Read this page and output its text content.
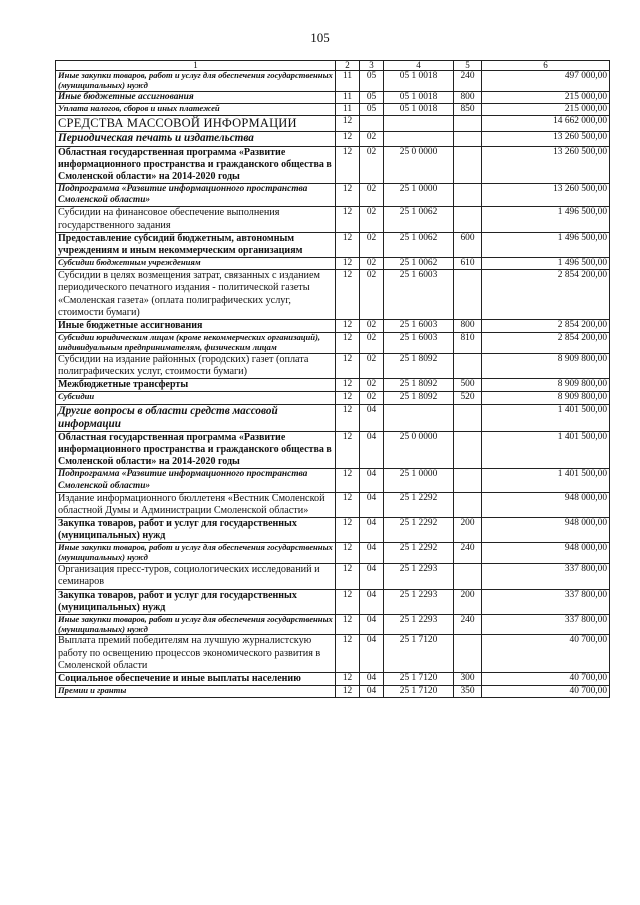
105
1	2	3	4	5	6
Иные закупки товаров, работ и услуг для обеспечения государственных (муниципальных) нужд	11	05	05 1 0018	240	497 000,00
Иные бюджетные ассигнования	11	05	05 1 0018	800	215 000,00
Уплата налогов, сборов и иных платежей	11	05	05 1 0018	850	215 000,00
СРЕДСТВА МАССОВОЙ ИНФОРМАЦИИ	12				14 662 000,00
Периодическая печать и издательства	12	02			13 260 500,00
Областная государственная программа «Развитие информационного пространства и гражданского общества в Смоленской области» на 2014-2020 годы	12	02	25 0 0000		13 260 500,00
Подпрограмма «Развитие информационного пространства Смоленской области»	12	02	25 1 0000		13 260 500,00
Субсидии на финансовое обеспечение выполнения государственного задания	12	02	25 1 0062		1 496 500,00
Предоставление субсидий бюджетным, автономным учреждениям и иным некоммерческим организациям	12	02	25 1 0062	600	1 496 500,00
Субсидии бюджетным учреждениям	12	02	25 1 0062	610	1 496 500,00
Субсидии в целях возмещения затрат, связанных с изданием периодического печатного издания - политической газеты «Смоленская газета» (оплата полиграфических услуг, стоимости бумаги)	12	02	25 1 6003		2 854 200,00
Иные бюджетные ассигнования	12	02	25 1 6003	800	2 854 200,00
Субсидии юридическим лицам (кроме некоммерческих организаций), индивидуальным предпринимателям, физическим лицам	12	02	25 1 6003	810	2 854 200,00
Субсидии на издание районных (городских) газет (оплата полиграфических услуг, стоимости бумаги)	12	02	25 1 8092		8 909 800,00
Межбюджетные трансферты	12	02	25 1 8092	500	8 909 800,00
Субсидии	12	02	25 1 8092	520	8 909 800,00
Другие вопросы в области средств массовой информации	12	04			1 401 500,00
Областная государственная программа «Развитие информационного пространства и гражданского общества в Смоленской области» на 2014-2020 годы	12	04	25 0 0000		1 401 500,00
Подпрограмма «Развитие информационного пространства Смоленской области»	12	04	25 1 0000		1 401 500,00
Издание информационного бюллетеня «Вестник Смоленской областной Думы и Администрации Смоленской области»	12	04	25 1 2292		948 000,00
Закупка товаров, работ и услуг для государственных (муниципальных) нужд	12	04	25 1 2292	200	948 000,00
Иные закупки товаров, работ и услуг для обеспечения государственных (муниципальных) нужд	12	04	25 1 2292	240	948 000,00
Организация пресс-туров, социологических исследований и семинаров	12	04	25 1 2293		337 800,00
Закупка товаров, работ и услуг для государственных (муниципальных) нужд	12	04	25 1 2293	200	337 800,00
Иные закупки товаров, работ и услуг для обеспечения государственных (муниципальных) нужд	12	04	25 1 2293	240	337 800,00
Выплата премий победителям на лучшую журналистскую работу по освещению процессов экономического развития в Смоленской области	12	04	25 1 7120		40 700,00
Социальное обеспечение и иные выплаты населению	12	04	25 1 7120	300	40 700,00
Премии и гранты	12	04	25 1 7120	350	40 700,00
